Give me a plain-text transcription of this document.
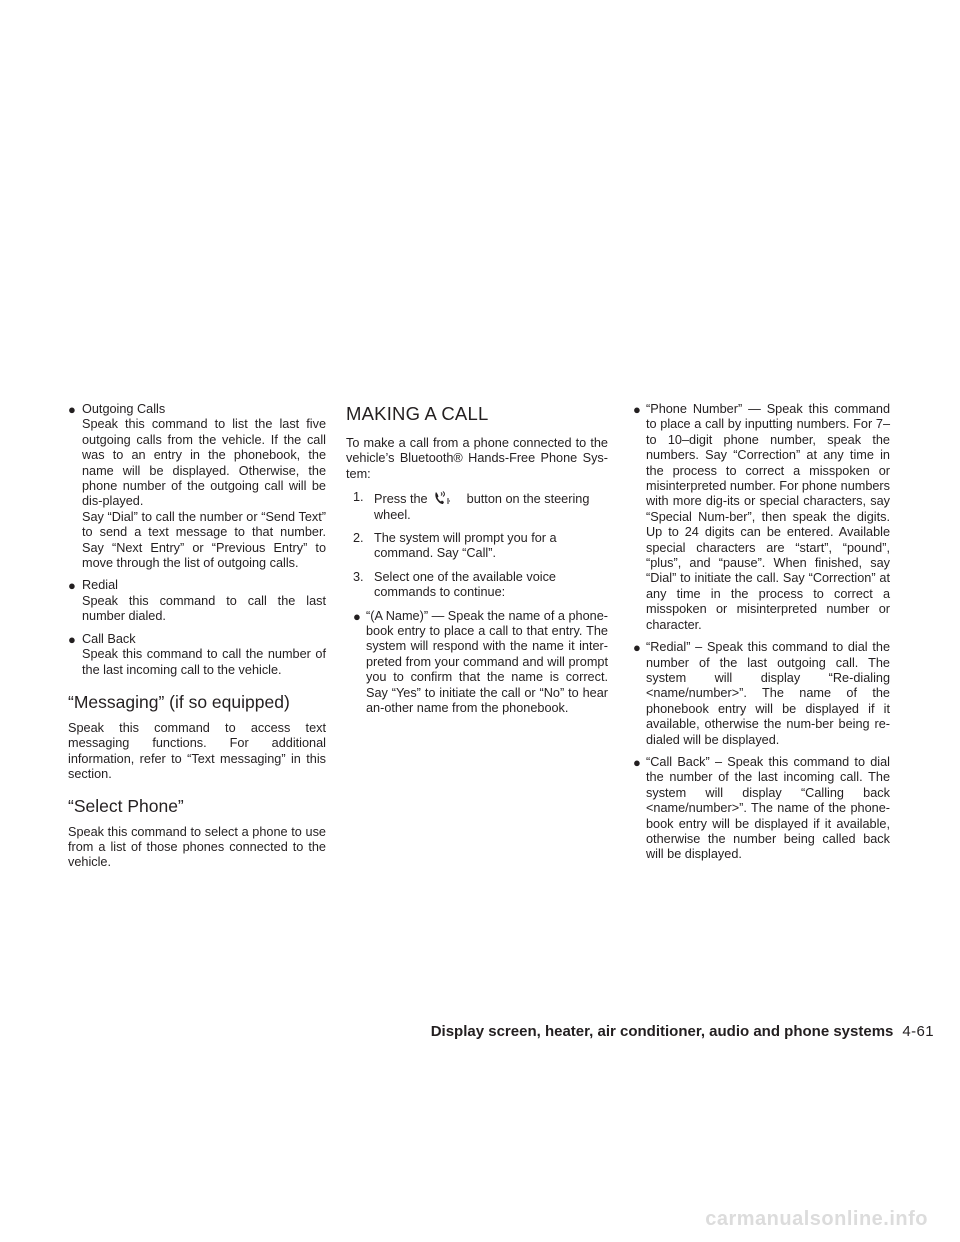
● Outgoing Calls

Speak this command to list the last five outgoing calls from the vehicle. If the call was to an entry in the phonebook, the name will be displayed. Otherwise, the phone number of the outgoing call will be dis-played.

Say “Dial” to call the number or “Send Text” to send a text message to that number. Say “Next Entry” or “Previous Entry” to move through the list of outgoing calls.

● Redial

Speak this command to call the last number dialed.

● Call Back

Speak this command to call the number of the last incoming call to the vehicle.

“Messaging” (if so equipped)

Speak this command to access text messaging functions. For additional information, refer to “Text messaging” in this section.

“Select Phone”

Speak this command to select a phone to use from a list of those phones connected to the vehicle.

MAKING A CALL

To make a call from a phone connected to the vehicle’s Bluetooth® Hands-Free Phone Sys-tem:

1. Press the	button on the steering wheel.

2. The system will prompt you for a command. Say “Call”.

3. Select one of the available voice commands to continue:

● “(A Name)” — Speak the name of a phone-book entry to place a call to that entry. The system will respond with the name it inter-preted from your command and will prompt you to confirm that the name is correct. Say “Yes” to initiate the call or “No” to hear an-other name from the phonebook.

● “Phone Number” — Speak this command to place a call by inputting numbers. For 7– to 10–digit phone number, speak the numbers. Say “Correction” at any time in the process to correct a misspoken or misinterpreted number. For phone numbers with more dig-its or special characters, say “Special Num-ber”, then speak the digits. Up to 24 digits can be entered. Available special characters are “start”, “pound”, “plus”, and “pause”. When finished, say “Dial” to initiate the call. Say “Correction” at any time in the process to correct a misspoken or misinterpreted number or character.

● “Redial” – Speak this command to dial the number of the last outgoing call. The system will display “Re-dialing <name/number>”. The name of the phonebook entry will be displayed if it available, otherwise the num-ber being re-dialed will be displayed.

● “Call Back” – Speak this command to dial the number of the last incoming call. The system will display “Calling back <name/number>”. The name of the phone-book entry will be displayed if it available, otherwise the number being called back will be displayed.

Display screen, heater, air conditioner, audio and phone systems 4-61
carmanualsonline.info
